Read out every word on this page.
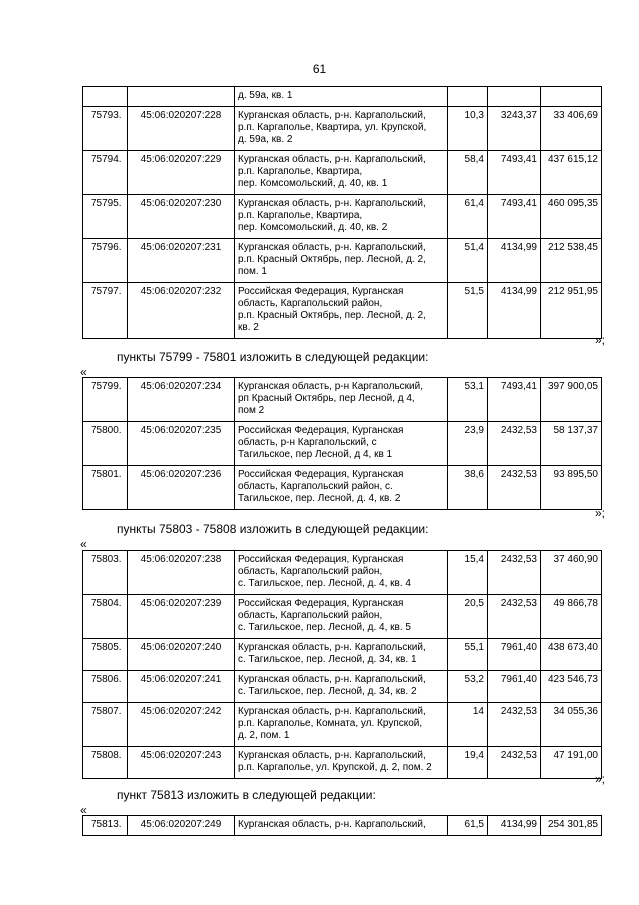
61

		д. 59а, кв. 1			

75793.	45:06:020207:228	Курганская область, р-н. Каргапольский,
р.п. Каргаполье, Квартира, ул. Крупской,
д. 59а, кв. 2	10,3	3243,37	33 406,69
75794.	45:06:020207:229	Курганская область, р-н. Каргапольский,
р.п. Каргаполье, Квартира,
пер. Комсомольский, д. 40, кв. 1	58,4	7493,41	437 615,12
75795.	45:06:020207:230	Курганская область, р-н. Каргапольский,
р.п. Каргаполье, Квартира,
пер. Комсомольский, д. 40, кв. 2	61,4	7493,41	460 095,35
75796.	45:06:020207:231	Курганская область, р-н. Каргапольский,
р.п. Красный Октябрь, пер. Лесной, д. 2,
пом. 1	51,4	4134,99	212 538,45
75797.	45:06:020207:232	Российская Федерация, Курганская
область, Каргапольский район,
р.п. Красный Октябрь, пер. Лесной, д. 2,
кв. 2	51,5	4134,99	212 951,95
»;
пункты 75799 - 75801 изложить в следующей редакции:
«
75799.	45:06:020207:234	Курганская область, р-н Каргапольский,
рп Красный Октябрь, пер Лесной, д 4,
пом 2	53,1	7493,41	397 900,05
75800.	45:06:020207:235	Российская Федерация, Курганская
область, р-н Каргапольский, с
Тагильское, пер Лесной, д 4, кв 1	23,9	2432,53	58 137,37
75801.	45:06:020207:236	Российская Федерация, Курганская
область, Каргапольский район, с.
Тагильское, пер. Лесной, д. 4, кв. 2	38,6	2432,53	93 895,50
»;
пункты 75803 - 75808 изложить в следующей редакции:
«
75803.	45:06:020207:238	Российская Федерация, Курганская
область, Каргапольский район,
с. Тагильское, пер. Лесной, д. 4, кв. 4	15,4	2432,53	37 460,90
75804.	45:06:020207:239	Российская Федерация, Курганская
область, Каргапольский район,
с. Тагильское, пер. Лесной, д. 4, кв. 5	20,5	2432,53	49 866,78
75805.	45:06:020207:240	Курганская область, р-н. Каргапольский,
с. Тагильское, пер. Лесной, д. 34, кв. 1	55,1	7961,40	438 673,40
75806.	45:06:020207:241	Курганская область, р-н. Каргапольский,
с. Тагильское, пер. Лесной, д. 34, кв. 2	53,2	7961,40	423 546,73
75807.	45:06:020207:242	Курганская область, р-н. Каргапольский,
р.п. Каргаполье, Комната, ул. Крупской,
д. 2, пом. 1	14	2432,53	34 055,36
75808.	45:06:020207:243	Курганская область, р-н. Каргапольский,
р.п. Каргаполье, ул. Крупской, д. 2, пом. 2	19,4	2432,53	47 191,00
»;
пункт 75813 изложить в следующей редакции:
«
75813.	45:06:020207:249	Курганская область, р-н. Каргапольский,	61,5	4134,99	254 301,85
